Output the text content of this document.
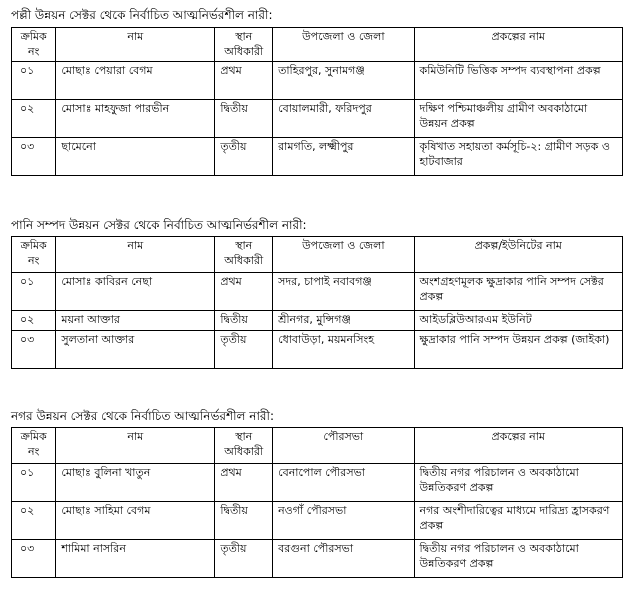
পল্লী উন্নয়ন সেক্টর থেকে নির্বাচিত আত্মনির্ভরশীল নারী:
ক্রমিক নং	নাম	স্থান অধিকারী	উপজেলা ও জেলা	প্রকল্পের নাম
০১	মোছাঃ পেয়ারা বেগম	প্রথম	তাহিরপুর, সুনামগঞ্জ	কমিউনিটি ভিত্তিক সম্পদ ব্যবস্থাপনা প্রকল্প
০২	মোসাঃ মাহফুজা পারভীন	দ্বিতীয়	বোয়ালমারী, ফরিদপুর	দক্ষিণ পশ্চিমাঞ্চলীয় গ্রামীণ অবকাঠামো উন্নয়ন প্রকল্প
০৩	ছামেনো	তৃতীয়	রামগতি, লক্ষ্মীপুর	কৃষিখাত সহায়তা কর্মসূচি-২: গ্রামীণ সড়ক ও হাটবাজার
পানি সম্পদ উন্নয়ন সেক্টর থেকে নির্বাচিত আত্মনির্ভরশীল নারী:
ক্রমিক নং	নাম	স্থান অধিকারী	উপজেলা ও জেলা	প্রকল্প/ইউনিটের নাম
০১	মোসাঃ কাবিরন নেছা	প্রথম	সদর, চাপাই নবাবগঞ্জ	অংশগ্রহণমূলক ক্ষুদ্রাকার পানি সম্পদ সেক্টর প্রকল্প
০২	ময়না আক্তার	দ্বিতীয়	শ্রীনগর, মুন্সিগঞ্জ	আইডব্লিউআরএম ইউনিট
০৩	সুলতানা আক্তার	তৃতীয়	ধোবাউড়া, ময়মনসিংহ	ক্ষুদ্রাকার পানি সম্পদ উন্নয়ন প্রকল্প (জাইকা)
নগর উন্নয়ন সেক্টর থেকে নির্বাচিত আত্মনির্ভরশীল নারী:
ক্রমিক নং	নাম	স্থান অধিকারী	পৌরসভা	প্রকল্পের নাম
০১	মোছাঃ বুলিনা খাতুন	প্রথম	বেনাপোল পৌরসভা	দ্বিতীয় নগর পরিচালন ও অবকাঠামো উন্নতিকরণ প্রকল্প
০২	মোছাঃ সাহিমা বেগম	দ্বিতীয়	নওগাঁ পৌরসভা	নগর অংশীদারিত্বের মাধ্যমে দারিদ্র্য হ্রাসকরণ প্রকল্প
০৩	শামিমা নাসরিন	তৃতীয়	বরগুনা পৌরসভা	দ্বিতীয় নগর পরিচালন ও অবকাঠামো উন্নতিকরণ প্রকল্প
